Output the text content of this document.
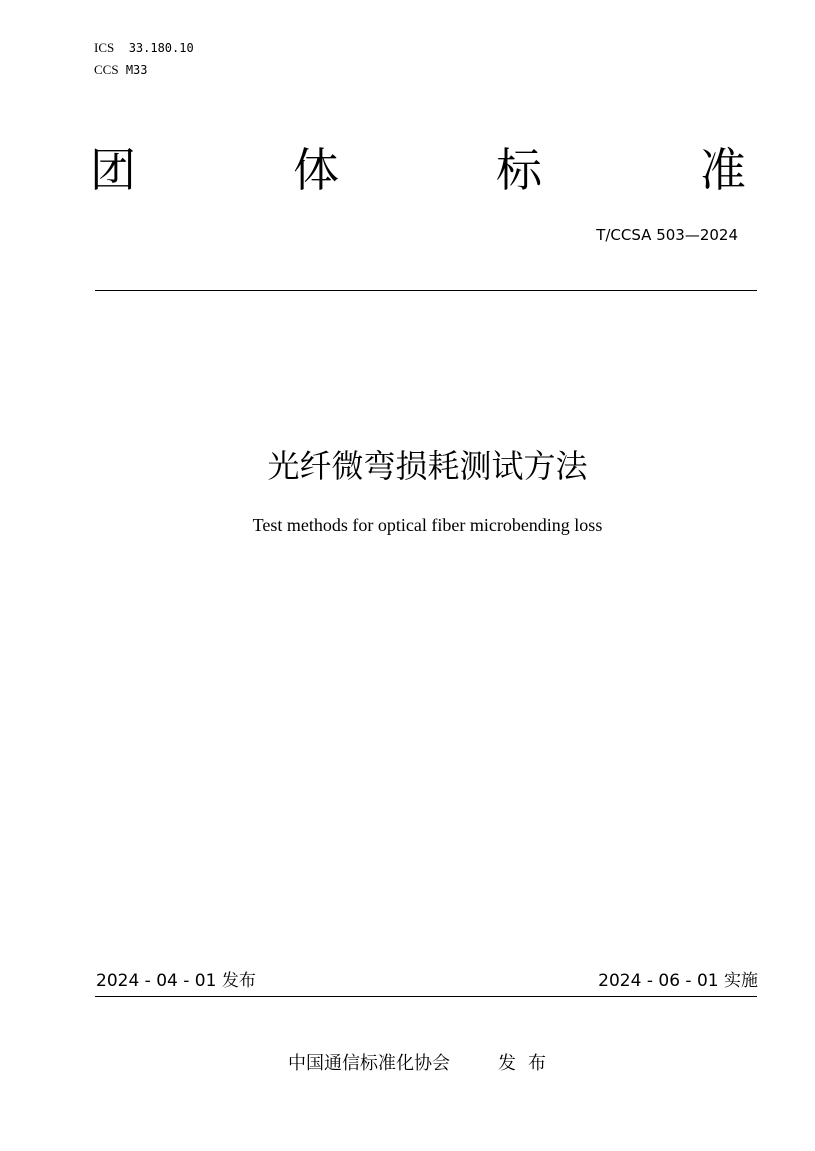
ICS 33.180.10
CCS M33
团	体	标	准
T/CCSA 503—2024
光纤微弯损耗测试方法
Test methods for optical fiber microbending loss
2024 - 04 - 01 发布	2024 - 06 - 01 实施
中国通信标准化协会	发布
